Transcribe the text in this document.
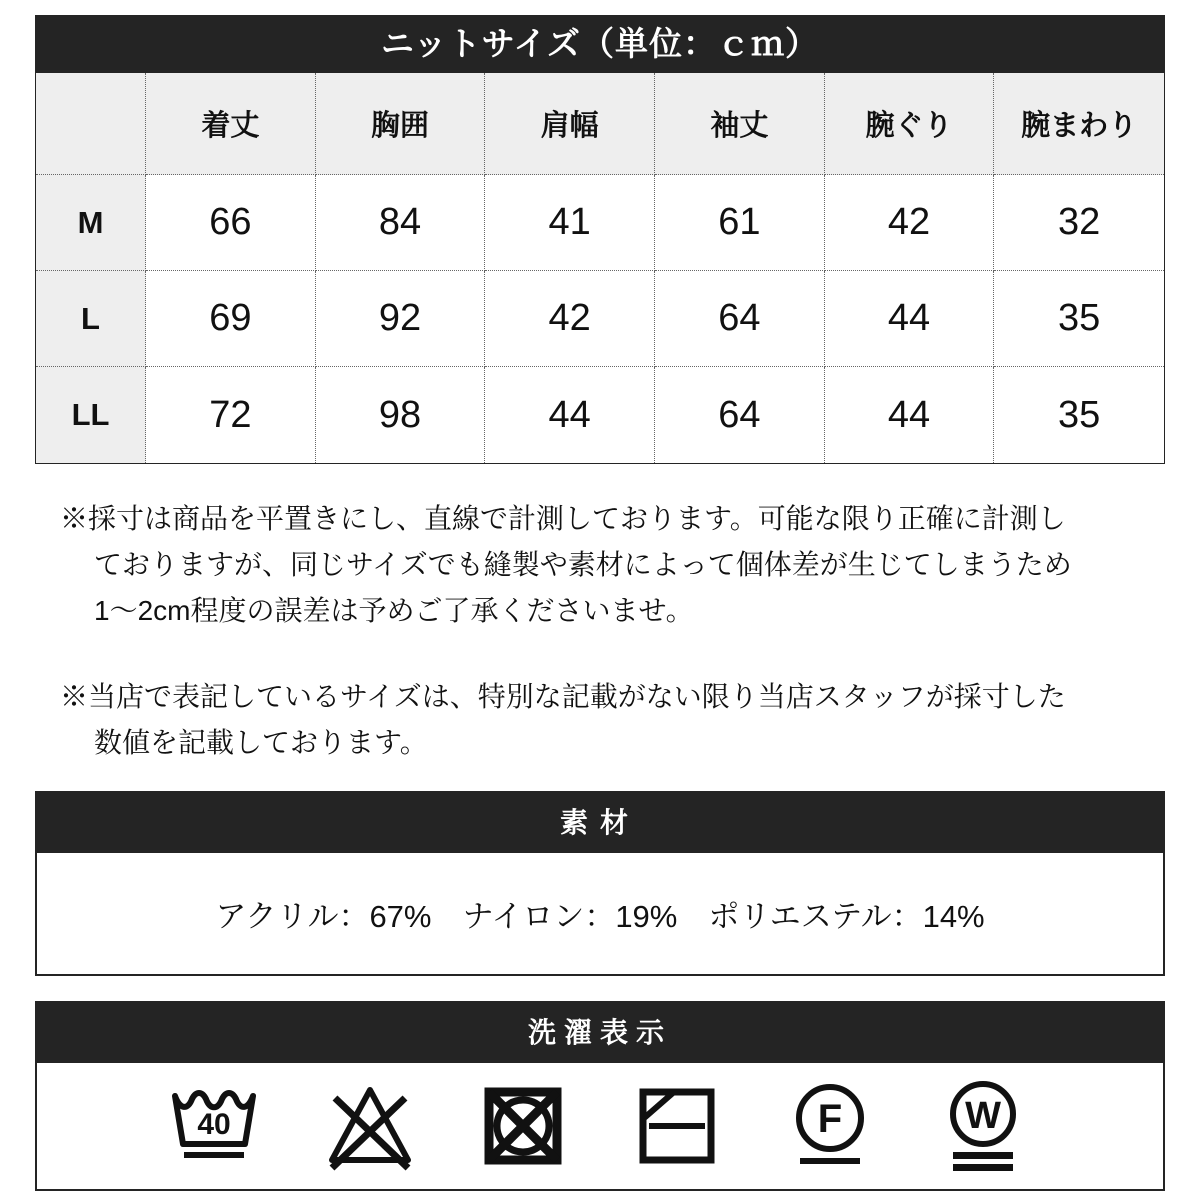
ニットサイズ（単位：ｃｍ）
着丈	胸囲	肩幅	袖丈	腕ぐり	腕まわり
M	66	84	41	61	42	32
L	69	92	42	64	44	35
LL	72	98	44	64	44	35
※採寸は商品を平置きにし、直線で計測しております。可能な限り正確に計測し
ておりますが、同じサイズでも縫製や素材によって個体差が生じてしまうため
1〜2cm程度の誤差は予めご了承くださいませ。
※当店で表記しているサイズは、特別な記載がない限り当店スタッフが採寸した
数値を記載しております。
素材
アクリル：67%　ナイロン：19%　ポリエステル：14%
洗濯表示
40	F	W
